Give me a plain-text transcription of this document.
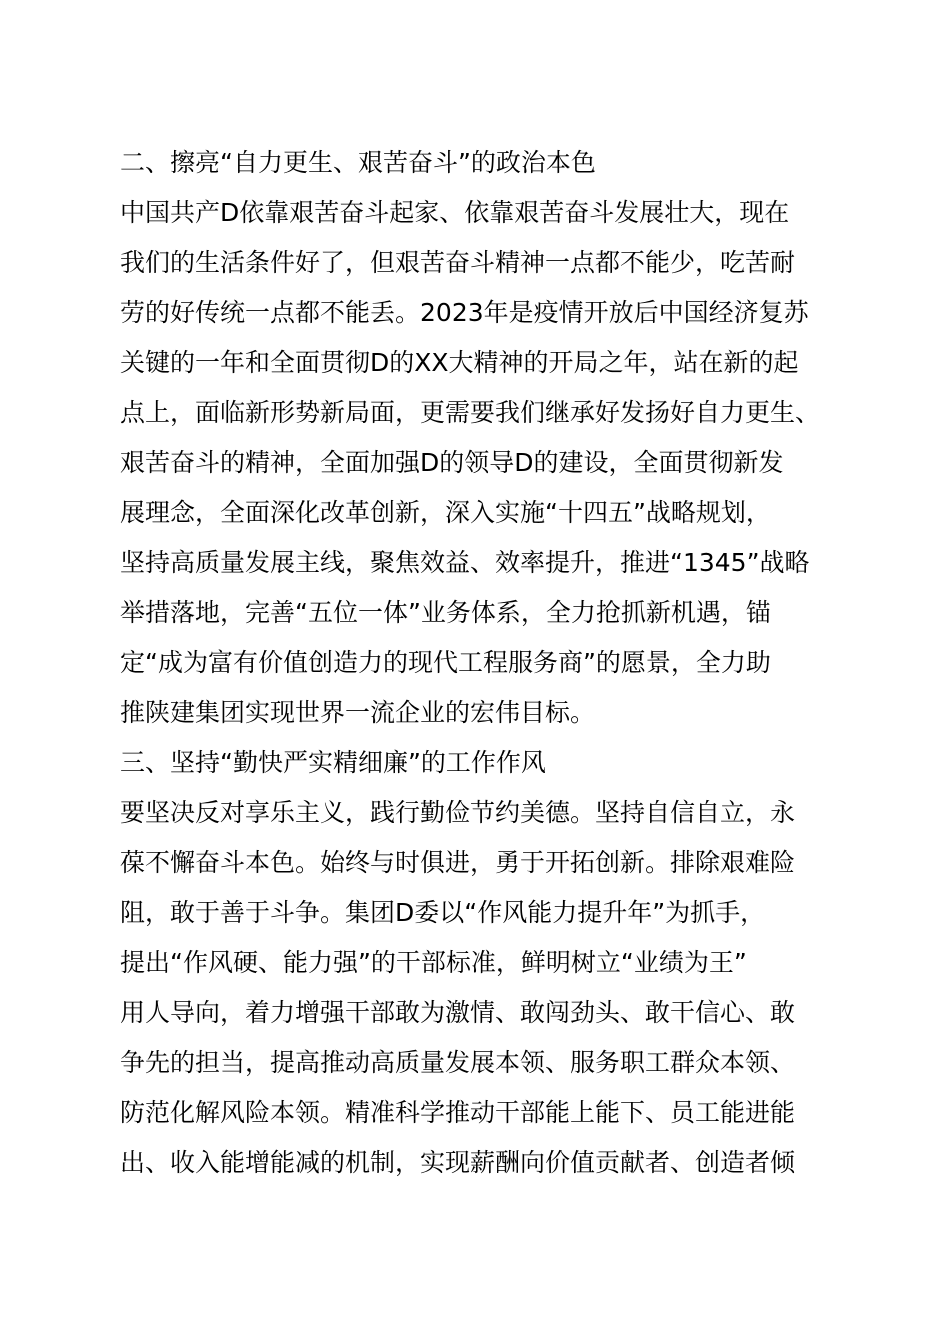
二、擦亮“自力更生、艰苦奋斗”的政治本色
中国共产D依靠艰苦奋斗起家、依靠艰苦奋斗发展壮大，现在
我们的生活条件好了，但艰苦奋斗精神一点都不能少，吃苦耐
劳的好传统一点都不能丢。2023年是疫情开放后中国经济复苏
关键的一年和全面贯彻D的XX大精神的开局之年，站在新的起
点上，面临新形势新局面，更需要我们继承好发扬好自力更生、
艰苦奋斗的精神，全面加强D的领导D的建设，全面贯彻新发
展理念，全面深化改革创新，深入实施“十四五”战略规划，
坚持高质量发展主线，聚焦效益、效率提升，推进“1345”战略
举措落地，完善“五位一体”业务体系，全力抢抓新机遇，锚
定“成为富有价值创造力的现代工程服务商”的愿景，全力助
推陕建集团实现世界一流企业的宏伟目标。
三、坚持“勤快严实精细廉”的工作作风
要坚决反对享乐主义，践行勤俭节约美德。坚持自信自立，永
葆不懈奋斗本色。始终与时俱进，勇于开拓创新。排除艰难险
阻，敢于善于斗争。集团D委以“作风能力提升年”为抓手，
提出“作风硬、能力强”的干部标准，鲜明树立“业绩为王”
用人导向，着力增强干部敢为激情、敢闯劲头、敢干信心、敢
争先的担当，提高推动高质量发展本领、服务职工群众本领、
防范化解风险本领。精准科学推动干部能上能下、员工能进能
出、收入能增能减的机制，实现薪酬向价值贡献者、创造者倾
